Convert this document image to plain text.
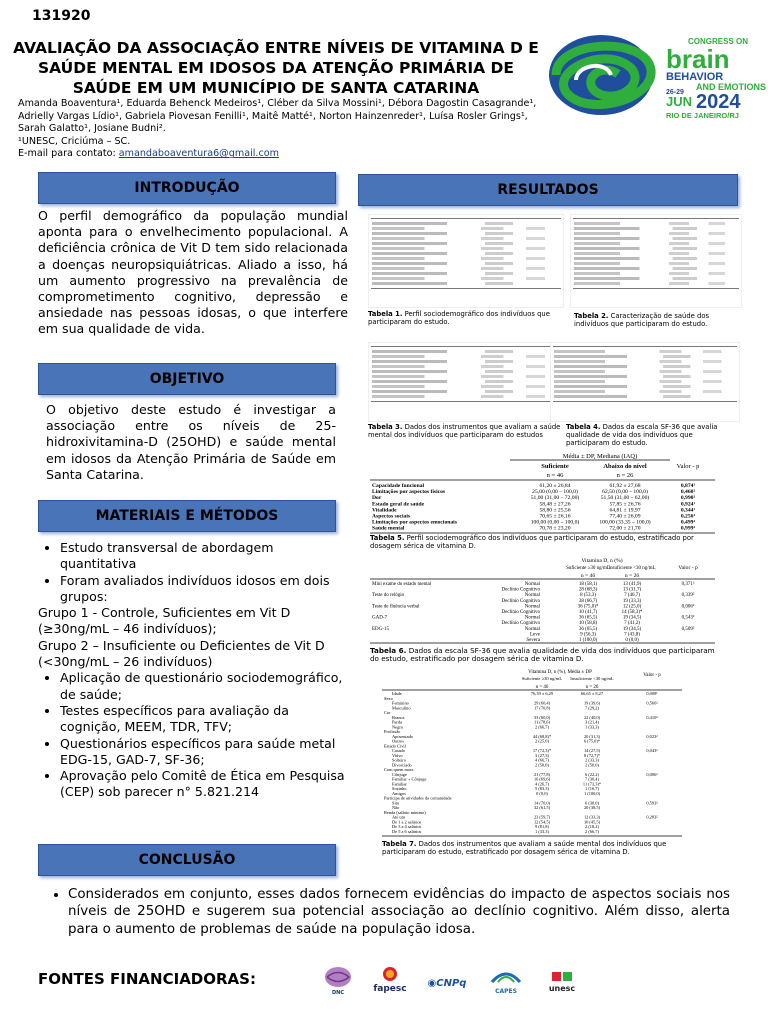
131920
AVALIAÇÃO DA ASSOCIAÇÃO ENTRE NÍVEIS DE VITAMINA D E SAÚDE MENTAL EM IDOSOS DA ATENÇÃO PRIMÁRIA DE SAÚDE EM UM MUNICÍPIO DE SANTA CATARINA
Amanda Boaventura¹, Eduarda Behenck Medeiros¹, Cléber da Silva Mossini¹, Débora Dagostin Casagrande¹, Adrielly Vargas Lídio¹, Gabriela Piovesan Fenilli¹, Maitê Matté¹, Norton Hainzenreder¹, Luísa Rosler Grings¹, Sarah Galatto¹, Josiane Budni².
¹UNESC, Criciúma – SC.
E-mail para contato: amandaboaventura6@gmail.com
CONGRESS ON
brain
BEHAVIOR
AND EMOTIONS
26-29
JUN 2024
RIO DE JANEIRO/RJ
INTRODUÇÃO
O perfil demográfico da população mundial aponta para o envelhecimento populacional. A deficiência crônica de Vit D tem sido relacionada a doenças neuropsiquiátricas. Aliado a isso, há um aumento progressivo na prevalência de comprometimento cognitivo, depressão e ansiedade nas pessoas idosas, o que interfere em sua qualidade de vida.
OBJETIVO
O objetivo deste estudo é investigar a associação entre os níveis de 25-hidroxivitamina-D (25OHD) e saúde mental em idosos da Atenção Primária de Saúde em Santa Catarina.
MATERIAIS E MÉTODOS
• Estudo transversal de abordagem quantitativa
• Foram avaliados indivíduos idosos em dois grupos:
Grupo 1 - Controle, Suficientes em Vit D (≥30ng/mL – 46 indivíduos);
Grupo 2 – Insuficiente ou Deficientes de Vit D (<30ng/mL – 26 indivíduos)
• Aplicação de questionário sociodemográfico, de saúde;
• Testes específicos para avaliação da cognição, MEEM, TDR, TFV;
• Questionários específicos para saúde metal EDG-15, GAD-7, SF-36;
• Aprovação pelo Comitê de Ética em Pesquisa (CEP) sob parecer n° 5.821.214
RESULTADOS
Tabela 1. Perfil sociodemográfico dos indivíduos que participaram do estudo.
Tabela 2. Caracterização de saúde dos indivíduos que participaram do estudo.
Tabela 3. Dados dos instrumentos que avaliam a saúde mental dos indivíduos que participaram do estudos
Tabela 4. Dados da escala SF-36 que avalia qualidade de vida dos indivíduos que participaram do estudo.
Média ± DP, Mediana (IAQ)
Suficiente	Abaixo do nível	Valor - p
n = 46	n = 26
Capacidade funcional	61,20 ± 26,84	61,92 ± 27,68	0,874¹
Limitações por aspectos físicos	25,00 (0,00 – 100,0)	62,50 (0,00 – 100,0)	0,460²
Dor	51,00 (31,00 – 72,00)	51,50 (31,00 – 62,00)	0,990²
Estado geral de saúde	58,48 ± 27,26	57,85 ± 26,76	0,924¹
Vitalidade	58,80 ± 25,56	64,81 ± 19,97	0,344¹
Aspectos sociais	70,65 ± 26,16	77,40 ± 26,09	0,256²
Limitações por aspectos emocionais	100,00 (0,00 – 100,0)	100,00 (33,35 – 100,0)	0,499²
Saúde mental	70,78 ± 23,20	72,00 ± 21,70	0,999²
Tabela 5. Perfil sociodemográfico dos indivíduos que participaram do estudo, estratificado por dosagem sérica de vitamina D.
Vitamina D, n (%)
Suficiente ≥30 ng/mL
Insuficiente <30 ng/mL	Valor - p
n = 46	n = 26
Mini exame do estado mental	Normal	18 (58,1)	13 (41,9)	0,371²
Declínio Cognitivo	28 (68,3)	13 (31,7)
Teste do relógio	Normal	8 (53,3)	7 (46,7)	0,339²
Declínio Cognitivo	38 (66,7)	19 (33,3)
Teste de fluência verbal	Normal	36 (75,0)*	12 (25,0)	0,006²
Declínio Cognitivo	10 (41,7)	14 (58,3)*
GAD-7	Normal	36 (65,5)	19 (34,5)	0,543²
Declínio Cognitivo	10 (58,8)	7 (41,2)
EDG-15	Normal	36 (65,5)	19 (34,5)	0,509²
Leve	9 (56,3)	7 (43,8)
Severa	1 (100,0)	0 (0,0)
Tabela 6. Dados da escala SF-36 que avalia qualidade de vida dos indivíduos que participaram do estudo, estratificado por dosagem sérica de vitamina D.
Vitamina D, n (%), Média ± DP
Suficiente ≥30 ng/mL Insuficiente <30 ng/mL
Valor - p
n = 46	n = 26
Idade	76,39 ± 6,29	66,65 ± 8,27	0,008¹
Sexo
Feminino	29 (60,4)	19 (39,6)	0,566²
Masculino	17 (70,8)	7 (29,2)
Cor
Branca	33 (60,0)	22 (40,0)	0,410²
Parda	11 (78,6)	3 (21,4)
Negra	2 (66,7)	1 (33,3)
Profissão
Aposentado	44 (68,8)*	20 (31,3)	0,023²
Outros	2 (25,0)	6 (75,0)*
Estado Civil
Casado	17 (72,3)*	14 (27,5)	0,043²
Viúvo	3 (27,3)	8 (72,7)*
Solteiro	4 (66,7)	2 (33,3)
Divorciado	2 (50,0)	2 (50,0)
Com quem mora
Cônjuge	21 (77,8)	6 (22,2)	0,006²
Familiar + Cônjuge	16 (69,6)	7 (30,4)
Familiar	4 (26,7)	11 (73,3)*
Sozinho	5 (83,3)	1 (16,7)
Amigos	0 (0,0)	1 (100,0)
Participa de atividades da comunidade
Sim	14 (70,0)	6 (30,0)	0,593²
Não	32 (61,5)	20 (38,5)
Renda (salário mínimo)
Até um	23 (59,7)	12 (33,3)	0,283²
De 1 a 2 salários	12 (54,5)	10 (45,5)
De 3 a 4 salários	9 (81,8)	2 (18,2)
De 5 a 6 salários	1 (33,3)	2 (66,7)
Tabela 7. Dados dos instrumentos que avaliam a saúde mental dos indivíduos que participaram do estudo, estratificado por dosagem sérica de vitamina D.
CONCLUSÃO
• Considerados em conjunto, esses dados fornecem evidências do impacto de aspectos sociais nos níveis de 25OHD e sugerem sua potencial associação ao declínio cognitivo. Além disso, alerta para o aumento de problemas de saúde na população idosa.
FONTES FINANCIADORAS:
DNC	fapesc	◉CNPq
CAPES	unesc
